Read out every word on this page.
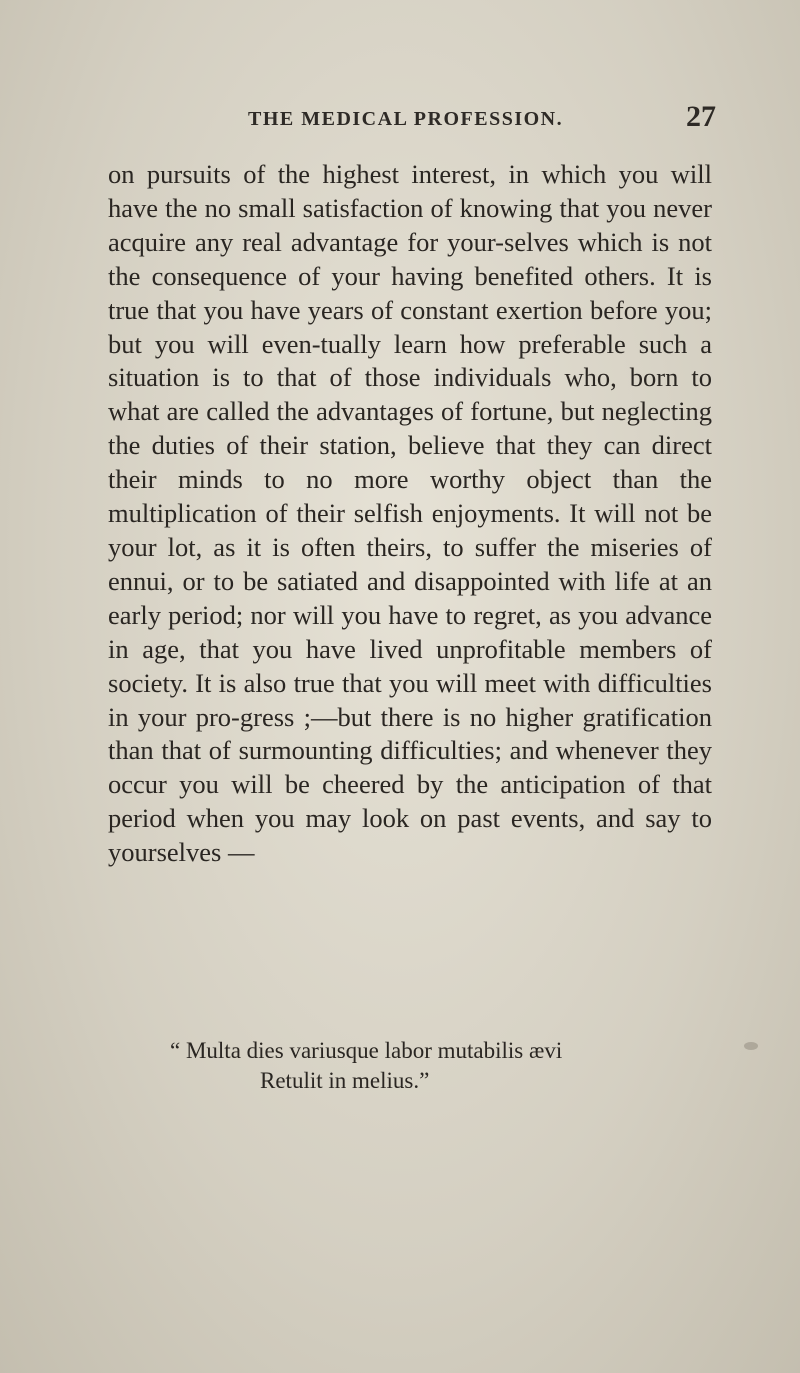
THE MEDICAL PROFESSION.	27

on pursuits of the highest interest, in which you will have the no small satisfaction of knowing that you never acquire any real advantage for your-selves which is not the consequence of your having benefited others. It is true that you have years of constant exertion before you; but you will even-tually learn how preferable such a situation is to that of those individuals who, born to what are called the advantages of fortune, but neglecting the duties of their station, believe that they can direct their minds to no more worthy object than the multiplication of their selfish enjoyments. It will not be your lot, as it is often theirs, to suffer the miseries of ennui, or to be satiated and disappointed with life at an early period; nor will you have to regret, as you advance in age, that you have lived unprofitable members of society. It is also true that you will meet with difficulties in your pro-gress ;—but there is no higher gratification than that of surmounting difficulties; and whenever they occur you will be cheered by the anticipation of that period when you may look on past events, and say to yourselves —

“ Multa dies variusque labor mutabilis ævi
Retulit in melius.”
